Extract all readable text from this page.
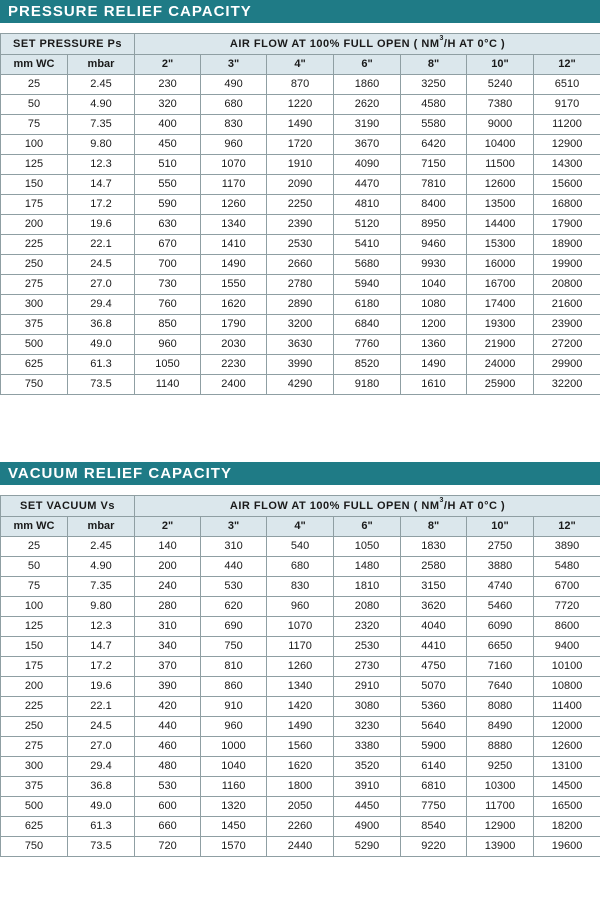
PRESSURE RELIEF CAPACITY
SET PRESSURE Ps		AIR FLOW AT 100% FULL OPEN ( $NM^3/H$ AT 0°C )						
mm WC	mbar	2"	3"	4"	6"	8"	10"	12"
25	2.45	230	490	870	1860	3250	5240	6510
50	4.90	320	680	1220	2620	4580	7380	9170
75	7.35	400	830	1490	3190	5580	9000	11200
100	9.80	450	960	1720	3670	6420	10400	12900
125	12.3	510	1070	1910	4090	7150	11500	14300
150	14.7	550	1170	2090	4470	7810	12600	15600
175	17.2	590	1260	2250	4810	8400	13500	16800
200	19.6	630	1340	2390	5120	8950	14400	17900
225	22.1	670	1410	2530	5410	9460	15300	18900
250	24.5	700	1490	2660	5680	9930	16000	19900
275	27.0	730	1550	2780	5940	1040	16700	20800
300	29.4	760	1620	2890	6180	1080	17400	21600
375	36.8	850	1790	3200	6840	1200	19300	23900
500	49.0	960	2030	3630	7760	1360	21900	27200
625	61.3	1050	2230	3990	8520	1490	24000	29900
750	73.5	1140	2400	4290	9180	1610	25900	32200
VACUUM RELIEF CAPACITY
SET VACUUM Vs		AIR FLOW AT 100% FULL OPEN ( $NM^3/H$ AT 0°C )						
mm WC	mbar	2"	3"	4"	6"	8"	10"	12"
25	2.45	140	310	540	1050	1830	2750	3890
50	4.90	200	440	680	1480	2580	3880	5480
75	7.35	240	530	830	1810	3150	4740	6700
100	9.80	280	620	960	2080	3620	5460	7720
125	12.3	310	690	1070	2320	4040	6090	8600
150	14.7	340	750	1170	2530	4410	6650	9400
175	17.2	370	810	1260	2730	4750	7160	10100
200	19.6	390	860	1340	2910	5070	7640	10800
225	22.1	420	910	1420	3080	5360	8080	11400
250	24.5	440	960	1490	3230	5640	8490	12000
275	27.0	460	1000	1560	3380	5900	8880	12600
300	29.4	480	1040	1620	3520	6140	9250	13100
375	36.8	530	1160	1800	3910	6810	10300	14500
500	49.0	600	1320	2050	4450	7750	11700	16500
625	61.3	660	1450	2260	4900	8540	12900	18200
750	73.5	720	1570	2440	5290	9220	13900	19600
